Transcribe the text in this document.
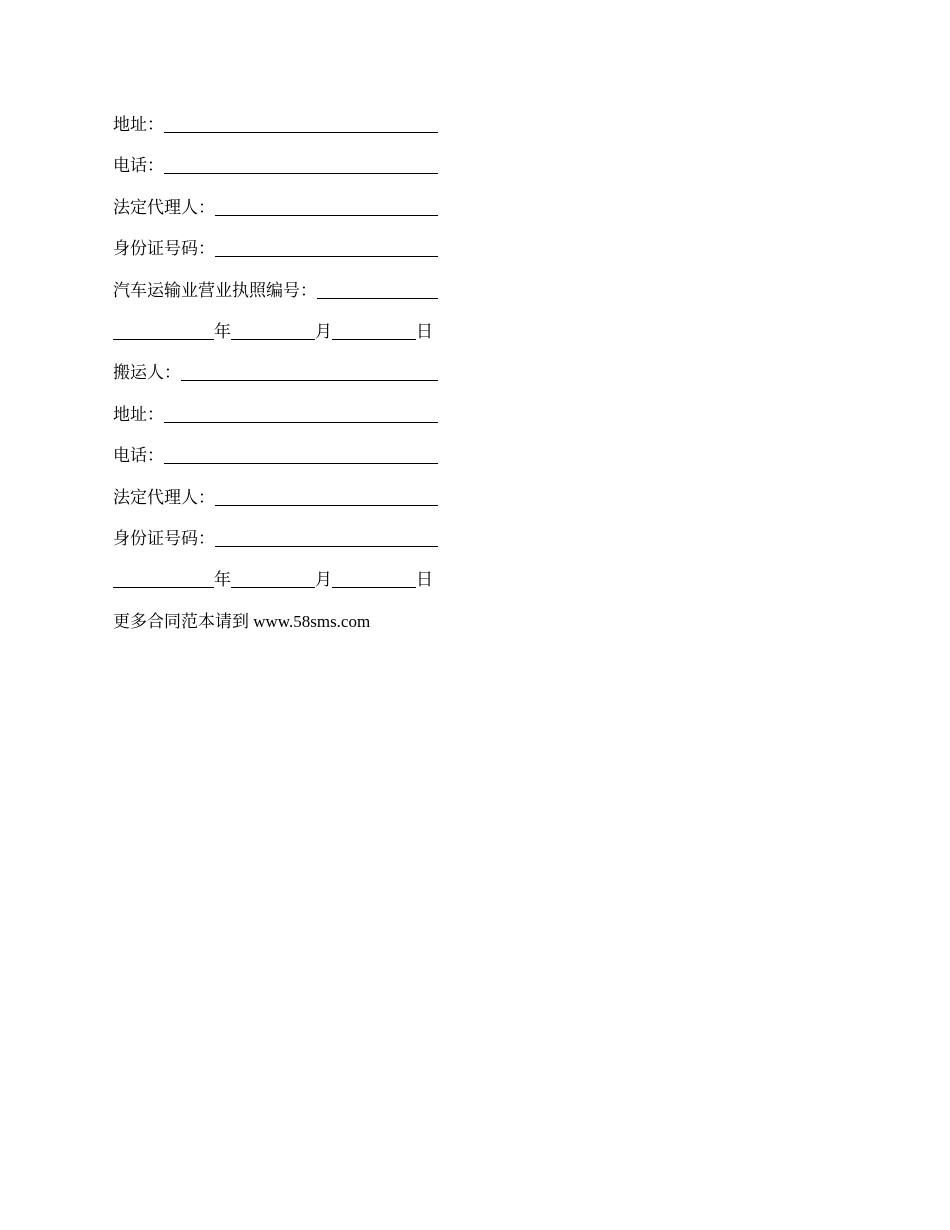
地址：
电话：
法定代理人：
身份证号码：
汽车运输业营业执照编号：
年	月	日
搬运人：
地址：
电话：
法定代理人：
身份证号码：
年	月	日
更多合同范本请到 www.58sms.com
